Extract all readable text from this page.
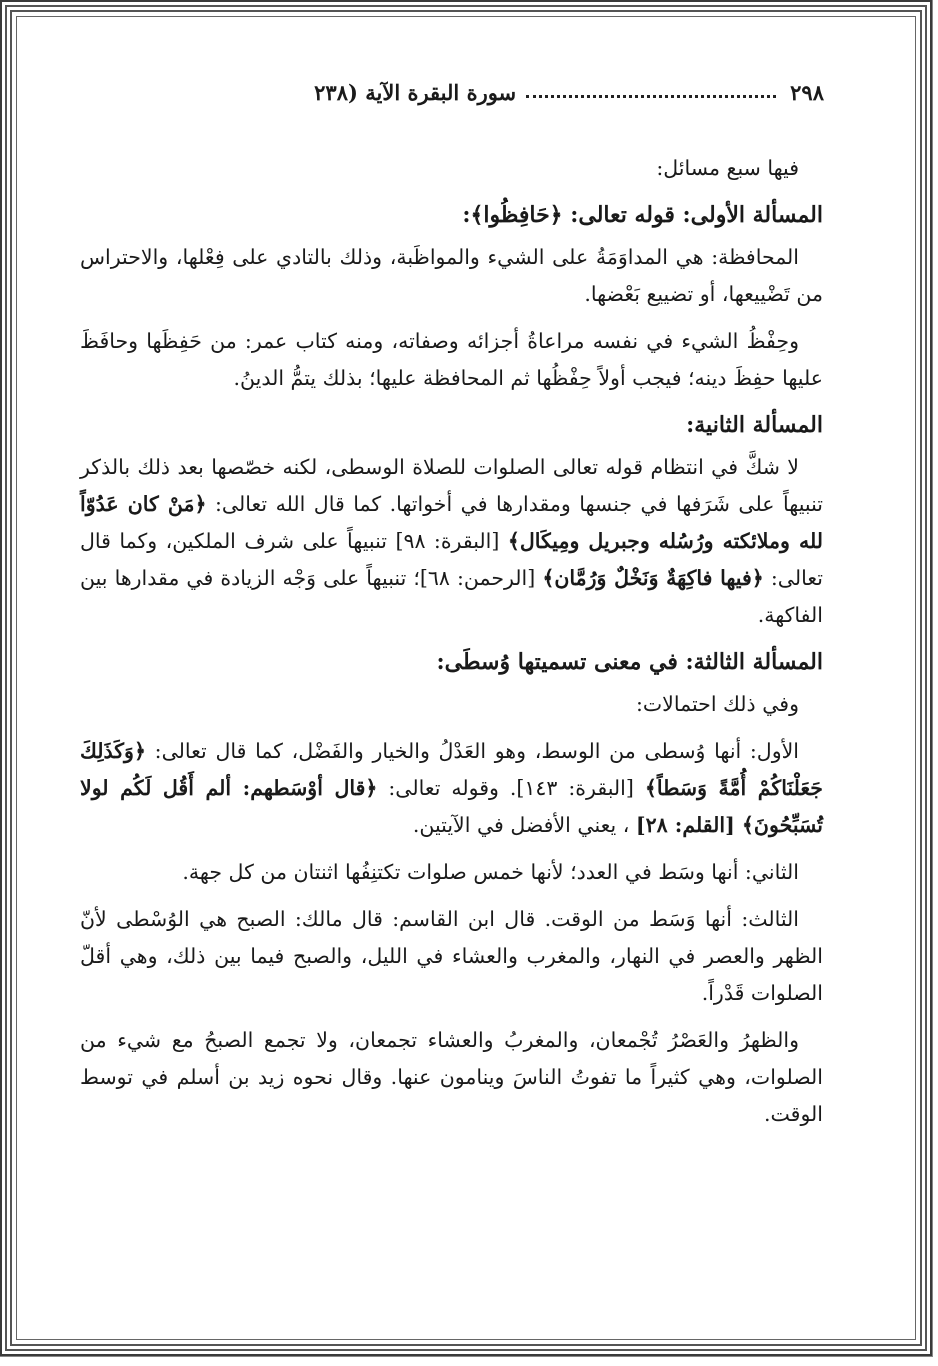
٢٩٨
سورة البقرة الآية (٢٣٨

فيها سبع مسائل:

المسألة الأولى: قوله تعالى: ﴿حَافِظُوا﴾:

المحافظة: هي المداوَمَةُ على الشيء والمواظَبة، وذلك بالتادي على فِعْلها، والاحتراس من تَضْييعها، أو تضييع بَعْضها.

وحِفْظُ الشيء في نفسه مراعاةُ أجزائه وصفاته، ومنه كتاب عمر: من حَفِظَها وحافَظَ عليها حفِظَ دينه؛ فيجب أولاً حِفْظُها ثم المحافظة عليها؛ بذلك يتمُّ الدينُ.

المسألة الثانية:

لا شكَّ في انتظام قوله تعالى الصلوات للصلاة الوسطى، لكنه خصّصها بعد ذلك بالذكر تنبيهاً على شَرَفها في جنسها ومقدارها في أخواتها. كما قال الله تعالى: ﴿مَنْ كان عَدُوّاً لله وملائكته ورُسُله وجبريل ومِيكَال﴾ [البقرة: ٩٨] تنبيهاً على شرف الملكين، وكما قال تعالى: ﴿فيها فاكِهَةٌ وَنَخْلٌ وَرُمَّان﴾ [الرحمن: ٦٨]؛ تنبيهاً على وَجْه الزيادة في مقدارها بين الفاكهة.

المسألة الثالثة: في معنى تسميتها وُسطَى:

وفي ذلك احتمالات:

الأول: أنها وُسطى من الوسط، وهو العَدْلُ والخيار والفَضْل، كما قال تعالى: ﴿وَكَذَلِكَ جَعَلْنَاكُمْ أُمَّةً وَسَطاً﴾ [البقرة: ١٤٣]. وقوله تعالى: ﴿قال أوْسَطهم: ألم أَقُل لَكُم لولا تُسَبِّحُونَ﴾ [القلم: ٢٨] ، يعني الأفضل في الآيتين.

الثاني: أنها وسَط في العدد؛ لأنها خمس صلوات تكتنِفُها اثنتان من كل جهة.

الثالث: أنها وَسَط من الوقت. قال ابن القاسم: قال مالك: الصبح هي الوُسْطى لأنّ الظهر والعصر في النهار، والمغرب والعشاء في الليل، والصبح فيما بين ذلك، وهي أقلّ الصلوات قَدْراً.

والظهرُ والعَصْرُ تُجْمعان، والمغربُ والعشاء تجمعان، ولا تجمع الصبحُ مع شيء من الصلوات، وهي كثيراً ما تفوتُ الناسَ وينامون عنها. وقال نحوه زيد بن أسلم في توسط الوقت.
